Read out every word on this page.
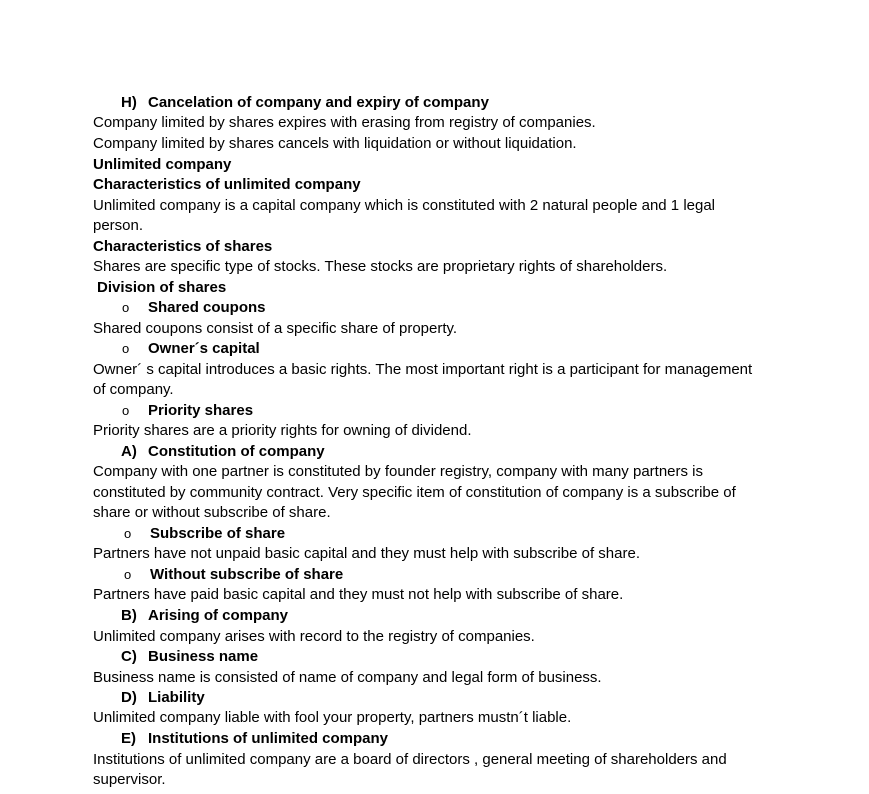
H) Cancelation of company and expiry of company
Company limited by shares expires with erasing from registry of companies.
Company limited by shares cancels with liquidation or without liquidation.
Unlimited company
Characteristics of unlimited company
Unlimited company is a capital company which is constituted with 2 natural people and 1 legal
person.
Characteristics of shares
Shares are specific type of stocks. These stocks are proprietary rights of shareholders.
Division of shares
o Shared coupons
Shared coupons consist of a specific share of property.
o Owner´s capital
Owner´ s capital introduces a basic rights. The most important right is a participant for management
of company.
o Priority shares
Priority shares are a priority rights for owning of dividend.
A) Constitution of company
Company with one partner is constituted by founder registry, company with many partners is
constituted by community contract. Very specific item of constitution of company is a subscribe of
share or without subscribe of share.
o Subscribe of share
Partners have not unpaid basic capital and they must help with subscribe of share.
o Without subscribe of share
Partners have paid basic capital and they must not help with subscribe of share.
B) Arising of company
Unlimited company arises with record to the registry of companies.
C) Business name
Business name is consisted of name of company and legal form of business.
D) Liability
Unlimited company liable with fool your property, partners mustn´t liable.
E) Institutions of unlimited company
Institutions of unlimited company are a board of directors , general meeting of shareholders and
supervisor.
